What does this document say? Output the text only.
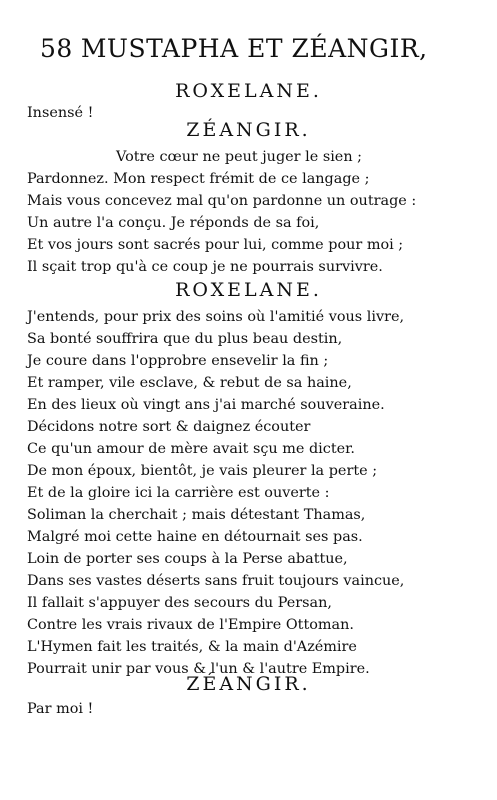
58 MUSTAPHA ET ZÉANGIR,
ROXELANE.
Insensé !
ZÉANGIR.
Votre cœur ne peut juger le sien ;
Pardonnez. Mon respect frémit de ce langage ;
Mais vous concevez mal qu'on pardonne un outrage :
Un autre l'a conçu. Je réponds de sa foi,
Et vos jours sont sacrés pour lui, comme pour moi ;
Il sçait trop qu'à ce coup je ne pourrais survivre.
ROXELANE.
J'entends, pour prix des soins où l'amitié vous livre,
Sa bonté souffrira que du plus beau destin,
Je coure dans l'opprobre ensevelir la fin ;
Et ramper, vile esclave, & rebut de sa haine,
En des lieux où vingt ans j'ai marché souveraine.
Décidons notre sort & daignez écouter
Ce qu'un amour de mère avait sçu me dicter.
De mon époux, bientôt, je vais pleurer la perte ;
Et de la gloire ici la carrière est ouverte :
Soliman la cherchait ; mais détestant Thamas,
Malgré moi cette haine en détournait ses pas.
Loin de porter ses coups à la Perse abattue,
Dans ses vastes déserts sans fruit toujours vaincue,
Il fallait s'appuyer des secours du Persan,
Contre les vrais rivaux de l'Empire Ottoman.
L'Hymen fait les traités, & la main d'Azémire
Pourrait unir par vous & l'un & l'autre Empire.
ZÉANGIR.
Par moi !
